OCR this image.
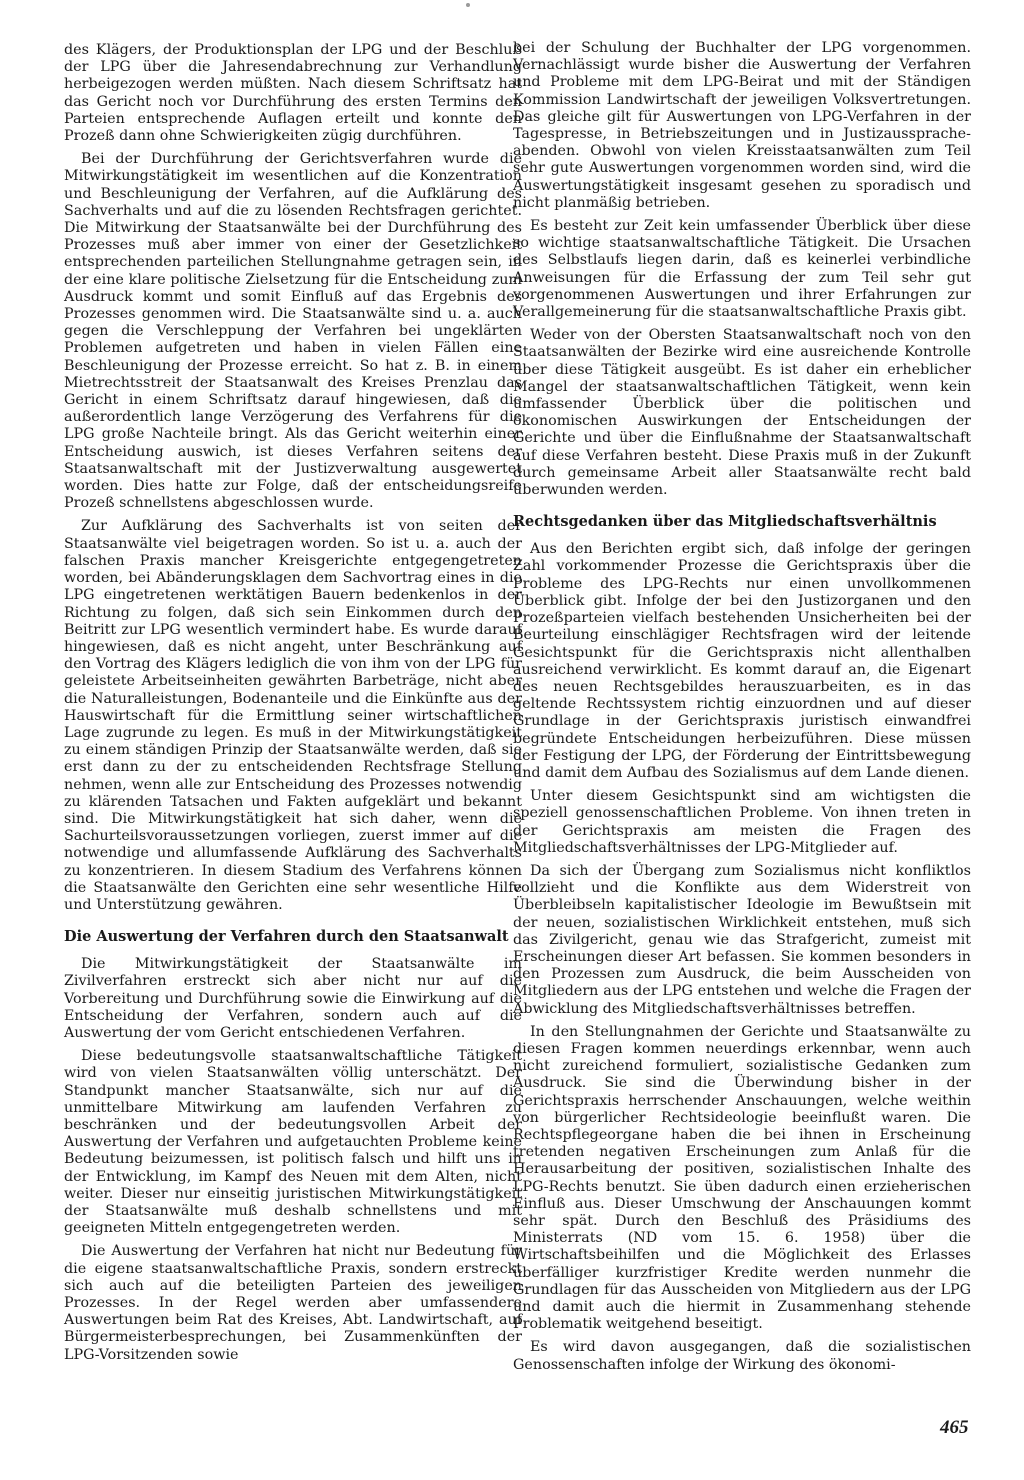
des Klägers, der Produktionsplan der LPG und der Beschluß der LPG über die Jahresendabrechnung zur Verhandlung herbeigezogen werden müßten. Nach diesem Schriftsatz hat das Gericht noch vor Durchführung des ersten Termins den Parteien entsprechende Auflagen erteilt und konnte den Prozeß dann ohne Schwierigkeiten zügig durchführen.

Bei der Durchführung der Gerichtsverfahren wurde die Mitwirkungstätigkeit im wesentlichen auf die Konzentration und Beschleunigung der Verfahren, auf die Aufklärung des Sachverhalts und auf die zu lösenden Rechtsfragen gerichtet. Die Mitwirkung der Staatsanwälte bei der Durchführung des Prozesses muß aber immer von einer der Gesetzlichkeit entsprechenden parteilichen Stellungnahme getragen sein, in der eine klare politische Zielsetzung für die Entscheidung zum Ausdruck kommt und somit Einfluß auf das Ergebnis des Prozesses genommen wird. Die Staatsanwälte sind u. a. auch gegen die Verschleppung der Verfahren bei ungeklärten Problemen aufgetreten und haben in vielen Fällen eine Beschleunigung der Prozesse erreicht. So hat z. B. in einem Mietrechtsstreit der Staatsanwalt des Kreises Prenzlau das Gericht in einem Schriftsatz darauf hingewiesen, daß die außerordentlich lange Verzögerung des Verfahrens für die LPG große Nachteile bringt. Als das Gericht weiterhin einer Entscheidung auswich, ist dieses Verfahren seitens der Staatsanwaltschaft mit der Justizverwaltung ausgewertet worden. Dies hatte zur Folge, daß der entscheidungsreife Prozeß schnellstens abgeschlossen wurde.

Zur Aufklärung des Sachverhalts ist von seiten der Staatsanwälte viel beigetragen worden. So ist u. a. auch der falschen Praxis mancher Kreisgerichte entgegengetreten worden, bei Abänderungsklagen dem Sachvortrag eines in die LPG eingetretenen werktätigen Bauern bedenkenlos in der Richtung zu folgen, daß sich sein Einkommen durch den Beitritt zur LPG wesentlich vermindert habe. Es wurde darauf hingewiesen, daß es nicht angeht, unter Beschränkung auf den Vortrag des Klägers lediglich die von ihm von der LPG für geleistete Arbeitseinheiten gewährten Barbeträge, nicht aber die Naturalleistungen, Bodenanteile und die Einkünfte aus der Hauswirtschaft für die Ermittlung seiner wirtschaftlichen Lage zugrunde zu legen. Es muß in der Mitwirkungstätigkeit zu einem ständigen Prinzip der Staatsanwälte werden, daß sie erst dann zu der zu entscheidenden Rechtsfrage Stellung nehmen, wenn alle zur Entscheidung des Prozesses notwendig zu klärenden Tatsachen und Fakten aufgeklärt und bekannt sind. Die Mitwirkungstätigkeit hat sich daher, wenn die Sachurteilsvoraussetzungen vorliegen, zuerst immer auf die notwendige und allumfassende Aufklärung des Sachverhalts zu konzentrieren. In diesem Stadium des Verfahrens können die Staatsanwälte den Gerichten eine sehr wesentliche Hilfe und Unterstützung gewähren.

Die Auswertung der Verfahren durch den Staatsanwalt

Die Mitwirkungstätigkeit der Staatsanwälte im Zivilverfahren erstreckt sich aber nicht nur auf die Vorbereitung und Durchführung sowie die Einwirkung auf die Entscheidung der Verfahren, sondern auch auf die Auswertung der vom Gericht entschiedenen Verfahren.

Diese bedeutungsvolle staatsanwaltschaftliche Tätigkeit wird von vielen Staatsanwälten völlig unterschätzt. Der Standpunkt mancher Staatsanwälte, sich nur auf die unmittelbare Mitwirkung am laufenden Verfahren zu beschränken und der bedeutungsvollen Arbeit der Auswertung der Verfahren und aufgetauchten Probleme keine Bedeutung beizumessen, ist politisch falsch und hilft uns in der Entwicklung, im Kampf des Neuen mit dem Alten, nicht weiter. Dieser nur einseitig juristischen Mitwirkungstätigkeit der Staatsanwälte muß deshalb schnellstens und mit geeigneten Mitteln entgegengetreten werden.

Die Auswertung der Verfahren hat nicht nur Bedeutung für die eigene staatsanwaltschaftliche Praxis, sondern erstreckt sich auch auf die beteiligten Parteien des jeweiligen Prozesses. In der Regel werden aber umfassendere Auswertungen beim Rat des Kreises, Abt. Landwirtschaft, auf Bürgermeisterbesprechungen, bei Zusammenkünften der LPG-Vorsitzenden sowie

bei der Schulung der Buchhalter der LPG vorgenommen. Vernachlässigt wurde bisher die Auswertung der Verfahren und Probleme mit dem LPG-Beirat und mit der Ständigen Kommission Landwirtschaft der jeweiligen Volksvertretungen. Das gleiche gilt für Auswertungen von LPG-Verfahren in der Tagespresse, in Betriebszeitungen und in Justizausspracheabenden. Obwohl von vielen Kreisstaatsanwälten zum Teil sehr gute Auswertungen vorgenommen worden sind, wird die Auswertungstätigkeit insgesamt gesehen zu sporadisch und nicht planmäßig betrieben.

Es besteht zur Zeit kein umfassender Überblick über diese so wichtige staatsanwaltschaftliche Tätigkeit. Die Ursachen des Selbstlaufs liegen darin, daß es keinerlei verbindliche Anweisungen für die Erfassung der zum Teil sehr gut vorgenommenen Auswertungen und ihrer Erfahrungen zur Verallgemeinerung für die staatsanwaltschaftliche Praxis gibt.

Weder von der Obersten Staatsanwaltschaft noch von den Staatsanwälten der Bezirke wird eine ausreichende Kontrolle über diese Tätigkeit ausgeübt. Es ist daher ein erheblicher Mangel der staatsanwaltschaftlichen Tätigkeit, wenn kein umfassender Überblick über die politischen und ökonomischen Auswirkungen der Entscheidungen der Gerichte und über die Einflußnahme der Staatsanwaltschaft auf diese Verfahren besteht. Diese Praxis muß in der Zukunft durch gemeinsame Arbeit aller Staatsanwälte recht bald überwunden werden.

Rechtsgedanken über das Mitgliedschaftsverhältnis

Aus den Berichten ergibt sich, daß infolge der geringen Zahl vorkommender Prozesse die Gerichtspraxis über die Probleme des LPG-Rechts nur einen unvollkommenen Überblick gibt. Infolge der bei den Justizorganen und den Prozeßparteien vielfach bestehenden Unsicherheiten bei der Beurteilung einschlägiger Rechtsfragen wird der leitende Gesichtspunkt für die Gerichtspraxis nicht allenthalben ausreichend verwirklicht. Es kommt darauf an, die Eigenart des neuen Rechtsgebildes herauszuarbeiten, es in das geltende Rechtssystem richtig einzuordnen und auf dieser Grundlage in der Gerichtspraxis juristisch einwandfrei begründete Entscheidungen herbeizuführen. Diese müssen der Festigung der LPG, der Förderung der Eintrittsbewegung und damit dem Aufbau des Sozialismus auf dem Lande dienen.

Unter diesem Gesichtspunkt sind am wichtigsten die speziell genossenschaftlichen Probleme. Von ihnen treten in der Gerichtspraxis am meisten die Fragen des Mitgliedschaftsverhältnisses der LPG-Mitglieder auf.

Da sich der Übergang zum Sozialismus nicht konfliktlos vollzieht und die Konflikte aus dem Widerstreit von Überbleibseln kapitalistischer Ideologie im Bewußtsein mit der neuen, sozialistischen Wirklichkeit entstehen, muß sich das Zivilgericht, genau wie das Strafgericht, zumeist mit Erscheinungen dieser Art befassen. Sie kommen besonders in den Prozessen zum Ausdruck, die beim Ausscheiden von Mitgliedern aus der LPG entstehen und welche die Fragen der Abwicklung des Mitgliedschaftsverhältnisses betreffen.

In den Stellungnahmen der Gerichte und Staatsanwälte zu diesen Fragen kommen neuerdings erkennbar, wenn auch nicht zureichend formuliert, sozialistische Gedanken zum Ausdruck. Sie sind die Überwindung bisher in der Gerichtspraxis herrschender Anschauungen, welche weithin von bürgerlicher Rechtsideologie beeinflußt waren. Die Rechtspflegeorgane haben die bei ihnen in Erscheinung tretenden negativen Erscheinungen zum Anlaß für die Herausarbeitung der positiven, sozialistischen Inhalte des LPG-Rechts benutzt. Sie üben dadurch einen erzieherischen Einfluß aus. Dieser Umschwung der Anschauungen kommt sehr spät. Durch den Beschluß des Präsidiums des Ministerrats (ND vom 15. 6. 1958) über die Wirtschaftsbeihilfen und die Möglichkeit des Erlasses überfälliger kurzfristiger Kredite werden nunmehr die Grundlagen für das Ausscheiden von Mitgliedern aus der LPG und damit auch die hiermit in Zusammenhang stehende Problematik weitgehend beseitigt.

Es wird davon ausgegangen, daß die sozialistischen Genossenschaften infolge der Wirkung des ökonomi-

465
